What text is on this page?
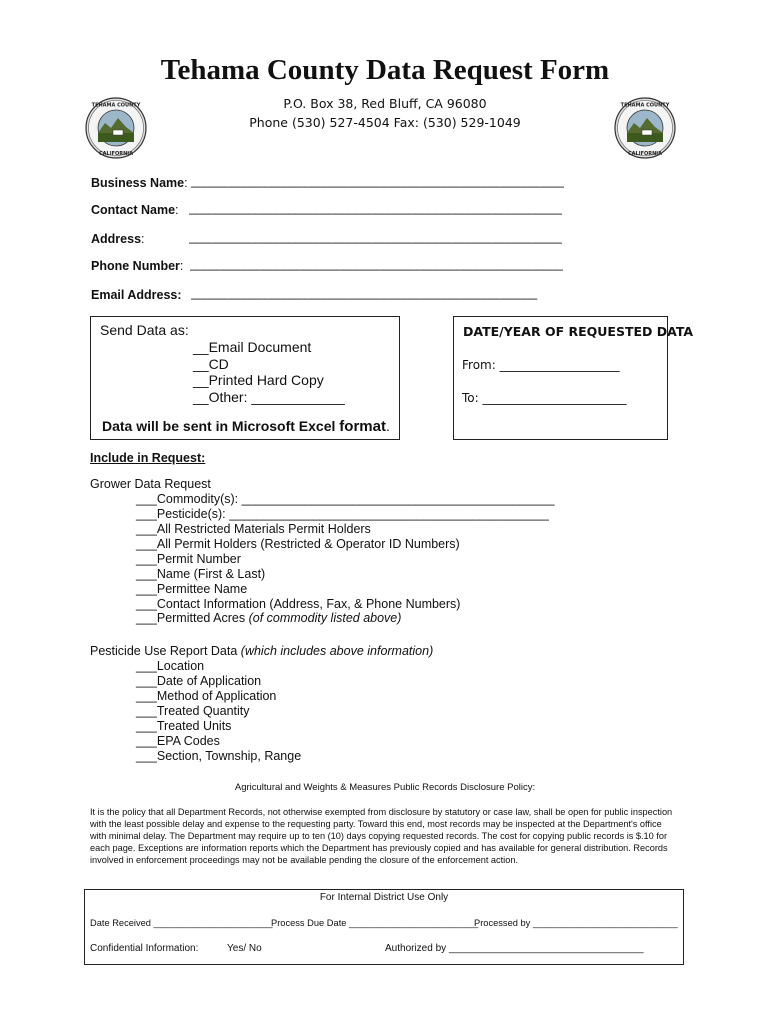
Tehama County Data Request Form
P.O. Box 38, Red Bluff, CA 96080
Phone (530) 527-4504 Fax: (530) 529-1049
TEHAMA COUNTY
CALIFORNIA
TEHAMA COUNTY
CALIFORNIA
Business Name: ________________________________________________________
Contact Name: ________________________________________________________
Address:	________________________________________________________
Phone Number: ________________________________________________________
Email Address: ____________________________________________________
Send Data as:
__Email Document
__CD
__Printed Hard Copy
__Other: ____________
Data will be sent in Microsoft Excel format.
DATE/YEAR OF REQUESTED DATA
From: ____________________
To: ________________________
Include in Request:
Grower Data Request
___Commodity(s): _____________________________________________
___Pesticide(s): ______________________________________________
___All Restricted Materials Permit Holders
___All Permit Holders (Restricted & Operator ID Numbers)
___Permit Number
___Name (First & Last)
___Permittee Name
___Contact Information (Address, Fax, & Phone Numbers)
___Permitted Acres (of commodity listed above)
Pesticide Use Report Data (which includes above information)
___Location
___Date of Application
___Method of Application
___Treated Quantity
___Treated Units
___EPA Codes
___Section, Township, Range
Agricultural and Weights & Measures Public Records Disclosure Policy:
It is the policy that all Department Records, not otherwise exempted from disclosure by statutory or case law, shall be open for public inspection with the least possible delay and expense to the requesting party. Toward this end, most records may be inspected at the Department's office with minimal delay. The Department may require up to ten (10) days copying requested records. The cost for copying public records is $.10 for each page. Exceptions are information reports which the Department has previously copied and has available for general distribution. Records involved in enforcement proceedings may not be available pending the closure of the enforcement action.
For Internal District Use Only
Date Received _______________________
Process Due Date _________________________
Processed by ____________________________
Confidential Information:	Yes/ No	Authorized by ___________________________________
